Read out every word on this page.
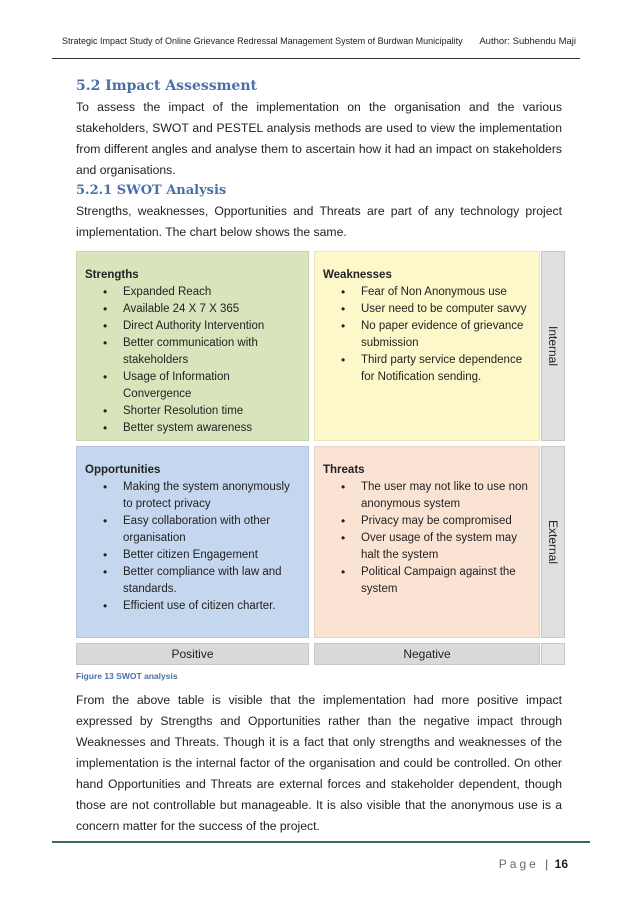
Strategic Impact Study of Online Grievance Redressal Management System of Burdwan Municipality Author: Subhendu Maji
5.2 Impact Assessment
To assess the impact of the implementation on the organisation and the various stakeholders, SWOT and PESTEL analysis methods are used to view the implementation from different angles and analyse them to ascertain how it had an impact on stakeholders and organisations.
5.2.1 SWOT Analysis
Strengths, weaknesses, Opportunities and Threats are part of any technology project implementation. The chart below shows the same.
Strengths
• Expanded Reach
• Available 24 X 7 X 365
• Direct Authority Intervention
• Better communication with stakeholders
• Usage of Information Convergence
• Shorter Resolution time
• Better system awareness
Weaknesses
• Fear of Non Anonymous use
• User need to be computer savvy
• No paper evidence of grievance submission
• Third party service dependence for Notification sending.
Internal
Opportunities
• Making the system anonymously to protect privacy
• Easy collaboration with other organisation
• Better citizen Engagement
• Better compliance with law and standards.
• Efficient use of citizen charter.
Threats
• The user may not like to use non anonymous system
• Privacy may be compromised
• Over usage of the system may halt the system
• Political Campaign against the system
External
Positive	Negative
Figure 13 SWOT analysis
From the above table is visible that the implementation had more positive impact expressed by Strengths and Opportunities rather than the negative impact through Weaknesses and Threats. Though it is a fact that only strengths and weaknesses of the implementation is the internal factor of the organisation and could be controlled. On other hand Opportunities and Threats are external forces and stakeholder dependent, though those are not controllable but manageable. It is also visible that the anonymous use is a concern matter for the success of the project.
Page | 16
